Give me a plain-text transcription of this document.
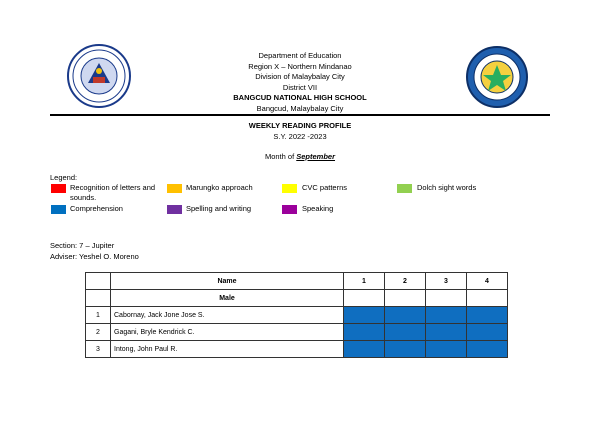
Department of Education
Region X – Northern Mindanao
Division of Malaybalay City
District VII
BANGCUD NATIONAL HIGH SCHOOL
Bangcud, Malaybalay City
WEEKLY READING PROFILE
S.Y. 2022 -2023
Month of September
Legend:
Recognition of letters and sounds.
Marungko approach	CVC patterns	Dolch sight words
Comprehension	Spelling and writing	Speaking
Section: 7 – Jupiter
Adviser: Yeshel O. Moreno
	Name	1	2	3	4
	Male				
1	Cabornay, Jack Jone Jose S.				
2	Gagani, Bryle Kendrick C.				
3	Intong, John Paul R.				
